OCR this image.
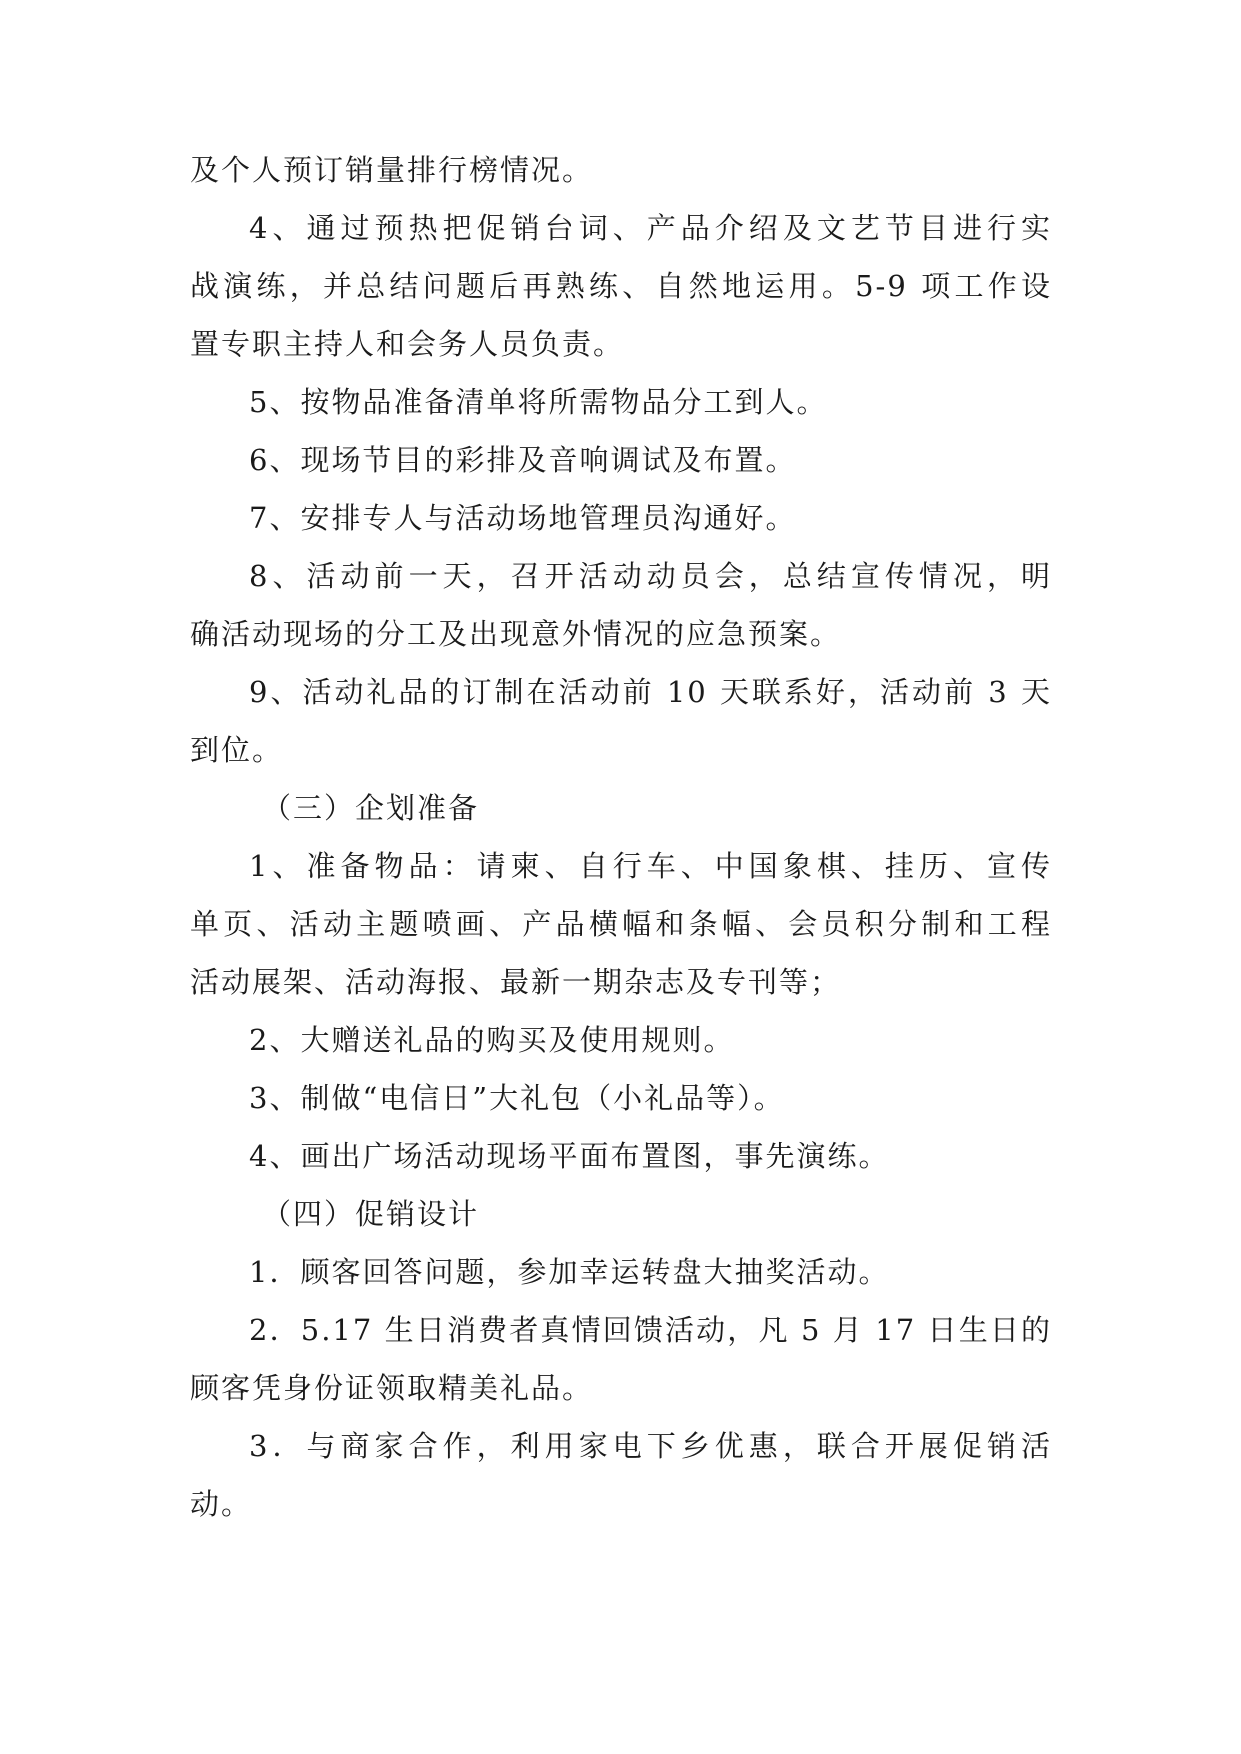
及个人预订销量排行榜情况。
4、通过预热把促销台词、产品介绍及文艺节目进行实
战演练，并总结问题后再熟练、自然地运用。5-9 项工作设
置专职主持人和会务人员负责。
5、按物品准备清单将所需物品分工到人。
6、现场节目的彩排及音响调试及布置。
7、安排专人与活动场地管理员沟通好。
8、活动前一天，召开活动动员会，总结宣传情况，明
确活动现场的分工及出现意外情况的应急预案。
9、活动礼品的订制在活动前 10 天联系好，活动前 3 天
到位。
（三）企划准备
1、准备物品：请柬、自行车、中国象棋、挂历、宣传
单页、活动主题喷画、产品横幅和条幅、会员积分制和工程
活动展架、活动海报、最新一期杂志及专刊等；
2、大赠送礼品的购买及使用规则。
3、制做“电信日”大礼包（小礼品等）。
4、画出广场活动现场平面布置图，事先演练。
（四）促销设计
1．顾客回答问题，参加幸运转盘大抽奖活动。
2．5.17 生日消费者真情回馈活动，凡 5 月 17 日生日的
顾客凭身份证领取精美礼品。
3．与商家合作，利用家电下乡优惠，联合开展促销活
动。
